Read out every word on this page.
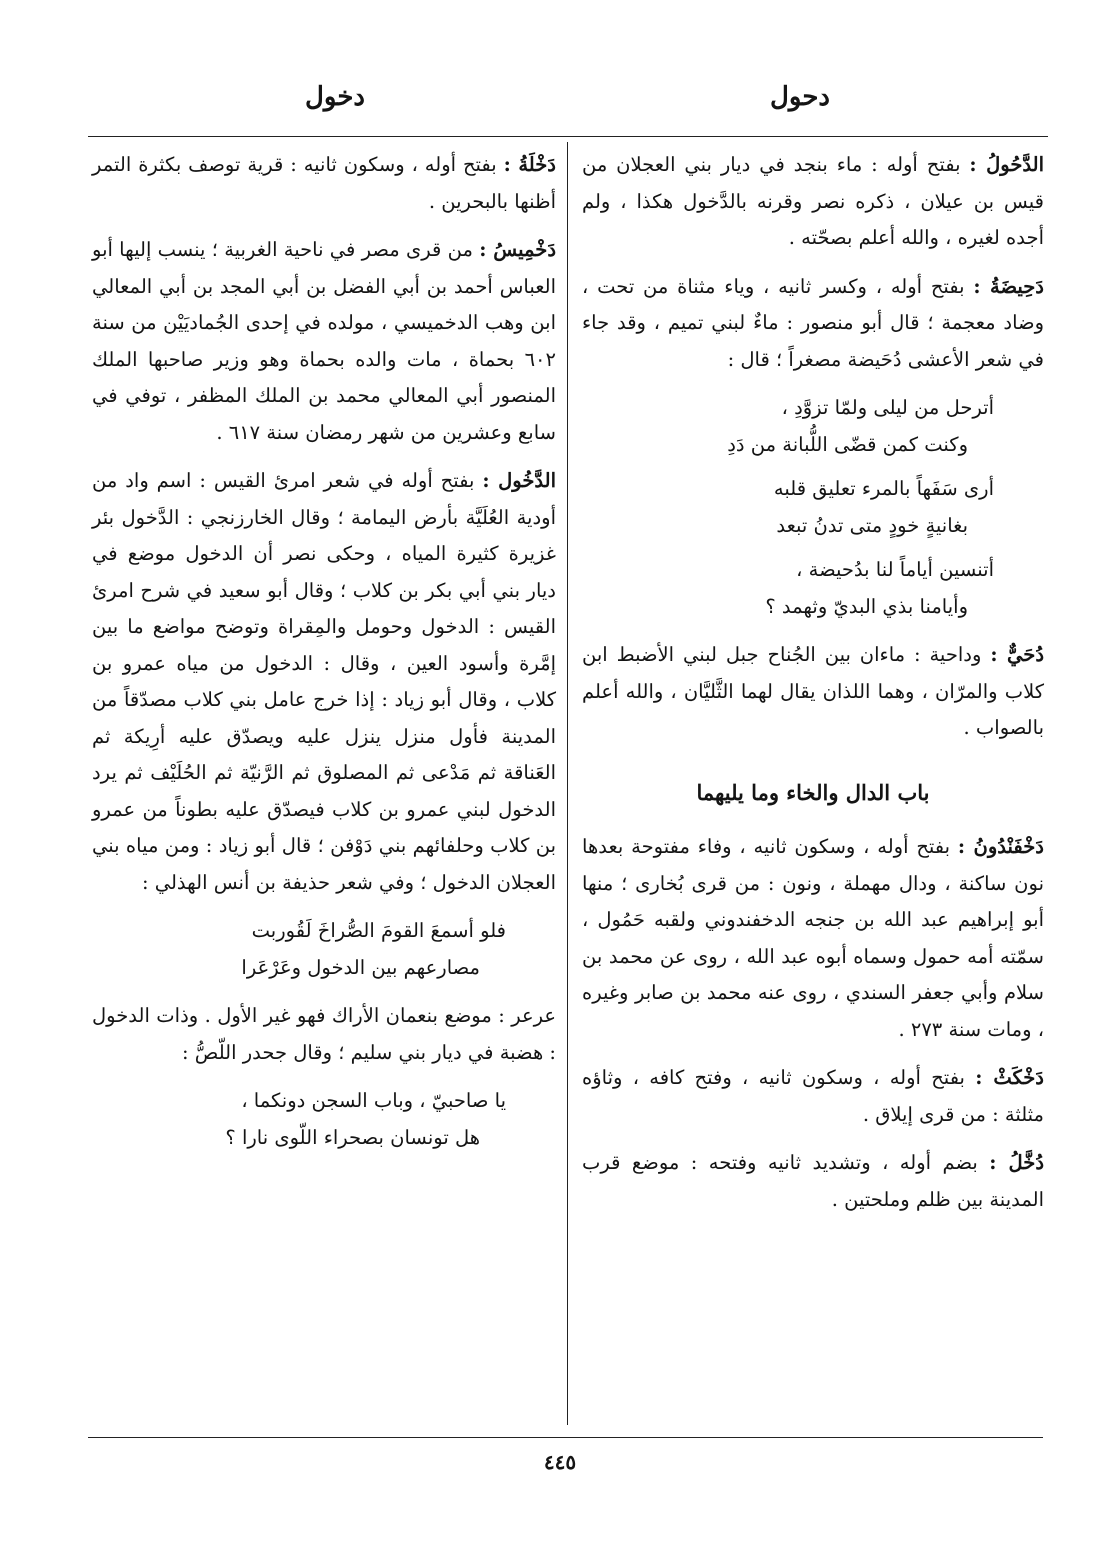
دحول
دخول

الدَّحُولُ : بفتح أوله : ماء بنجد في ديار بني العجلان من قيس بن عيلان ، ذكره نصر وقرنه بالدَّخول هكذا ، ولم أجده لغيره ، والله أعلم بصحّته .

دَحِيضَةُ : بفتح أوله ، وكسر ثانيه ، وياء مثناة من تحت ، وضاد معجمة ؛ قال أبو منصور : ماءٌ لبني تميم ، وقد جاء في شعر الأعشى دُحَيضة مصغراً ؛ قال :

أترحل من ليلى ولمّا تزوَّدِ ،
وكنت كمن قضّى اللُّبانة من دَدِ
أرى سَفَهاً بالمرء تعليق قلبه
بغانيةٍ خودٍ متى تدنُ تبعد
أتنسين أياماً لنا بدُحيضة ،
وأيامنا بذي البديّ وثهمد ؟

دُحَيٌّ : وداحية : ماءان بين الجُناح جبل لبني الأضبط ابن كلاب والمرّان ، وهما اللذان يقال لهما الثَّليَّان ، والله أعلم بالصواب .

باب الدال والخاء وما يليهما

دَخْفَنْدُونُ : بفتح أوله ، وسكون ثانيه ، وفاء مفتوحة بعدها نون ساكنة ، ودال مهملة ، ونون : من قرى بُخارى ؛ منها أبو إبراهيم عبد الله بن جنجه الدخفندوني ولقبه حَمُول ، سمّته أمه حمول وسماه أبوه عبد الله ، روى عن محمد بن سلام وأبي جعفر السندي ، روى عنه محمد بن صابر وغيره ، ومات سنة ٢٧٣ .

دَخْكَثْ : بفتح أوله ، وسكون ثانيه ، وفتح كافه ، وثاؤه مثلثة : من قرى إيلاق .

دُخَّلُ : بضم أوله ، وتشديد ثانيه وفتحه : موضع قرب المدينة بين ظلم وملحتين .

دَخْلَةُ : بفتح أوله ، وسكون ثانيه : قرية توصف بكثرة التمر أظنها بالبحرين .

دَخْمِيسُ : من قرى مصر في ناحية الغربية ؛ ينسب إليها أبو العباس أحمد بن أبي الفضل بن أبي المجد بن أبي المعالي ابن وهب الدخميسي ، مولده في إحدى الجُماديَيْن من سنة ٦٠٢ بحماة ، مات والده بحماة وهو وزير صاحبها الملك المنصور أبي المعالي محمد بن الملك المظفر ، توفي في سابع وعشرين من شهر رمضان سنة ٦١٧ .

الدَّخُول : بفتح أوله في شعر امرئ القيس : اسم واد من أودية العُلَيَّة بأرض اليمامة ؛ وقال الخارزنجي : الدَّخول بئر غزيرة كثيرة المياه ، وحكى نصر أن الدخول موضع في ديار بني أبي بكر بن كلاب ؛ وقال أبو سعيد في شرح امرئ القيس : الدخول وحومل والمِقراة وتوضح مواضع ما بين إمَّرة وأسود العين ، وقال : الدخول من مياه عمرو بن كلاب ، وقال أبو زياد : إذا خرج عامل بني كلاب مصدّقاً من المدينة فأول منزل ينزل عليه ويصدّق عليه أرِيكة ثم العَناقة ثم مَدْعى ثم المصلوق ثم الرَّنيّة ثم الحُلَيْف ثم يرد الدخول لبني عمرو بن كلاب فيصدّق عليه بطوناً من عمرو بن كلاب وحلفائهم بني دَوْفن ؛ قال أبو زياد : ومن مياه بني العجلان الدخول ؛ وفي شعر حذيفة بن أنس الهذلي :

فلو أسمعَ القومَ الصُّراخَ لَقُوربت
مصارعهم بين الدخول وعَرْعَرا

عرعر : موضع بنعمان الأراك فهو غير الأول . وذات الدخول : هضبة في ديار بني سليم ؛ وقال جحدر اللّصُّ :

يا صاحبيّ ، وباب السجن دونكما ،
هل تونسان بصحراء اللّوى نارا ؟
٤٤٥
